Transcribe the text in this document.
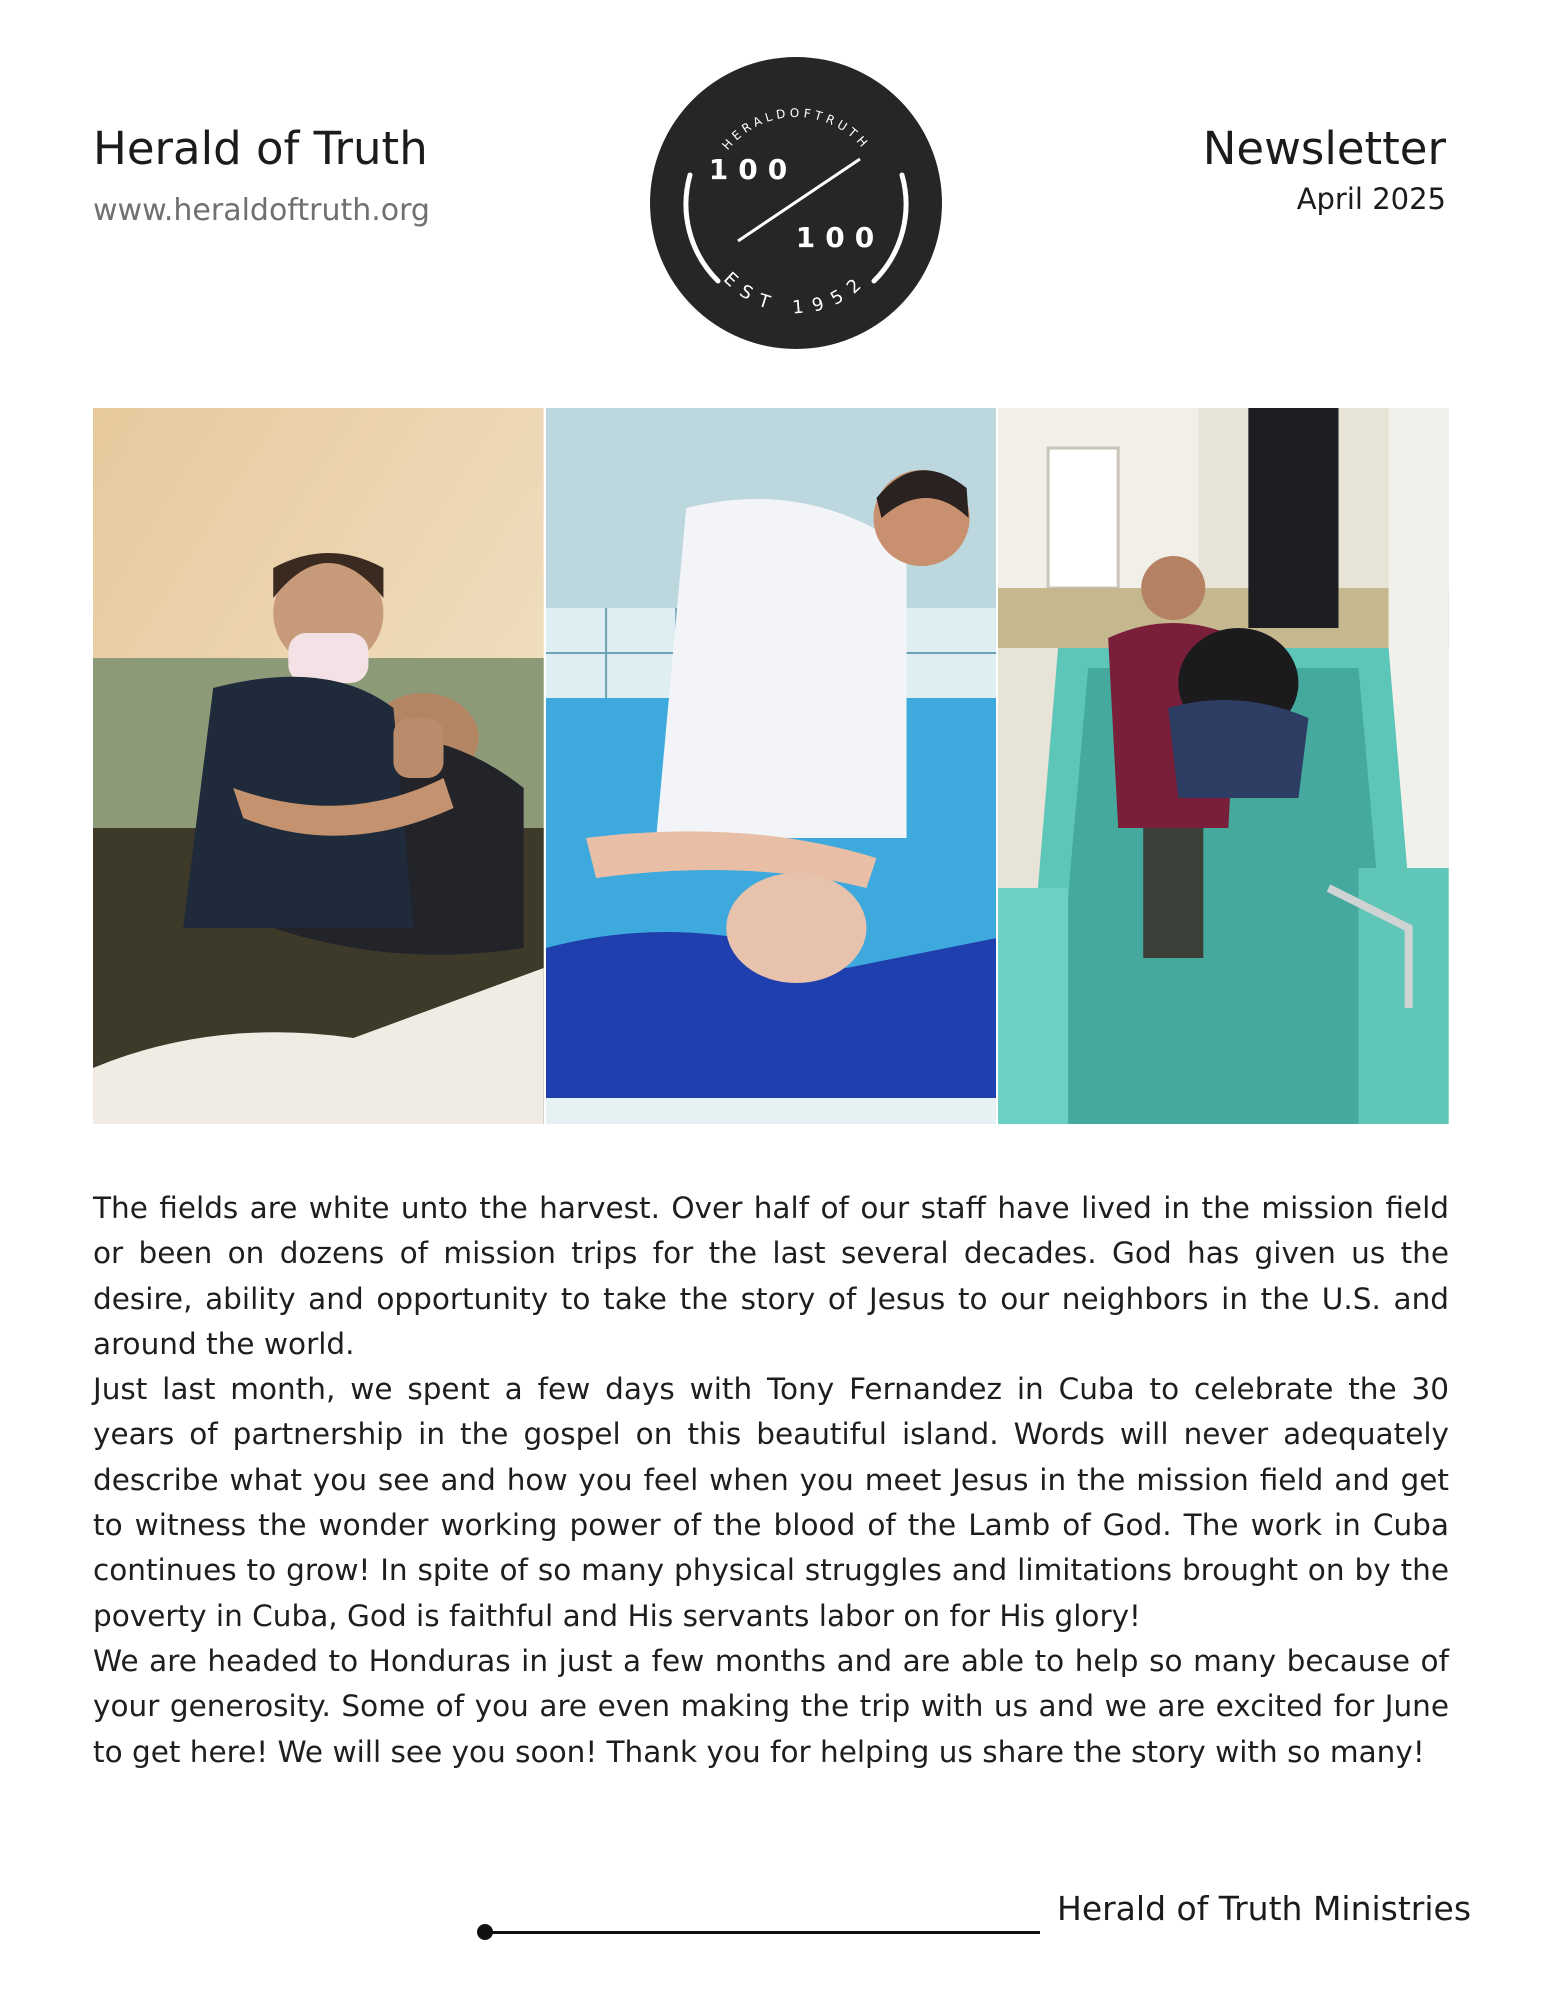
Herald of Truth
www.heraldoftruth.org
Newsletter
April 2025
HERALDOFTRUTH
100
100
EST 1952

The fields are white unto the harvest. Over half of our staff have lived in the mission field or been on dozens of mission trips for the last several decades. God has given us the desire, ability and opportunity to take the story of Jesus to our neighbors in the U.S. and around the world.

Just last month, we spent a few days with Tony Fernandez in Cuba to celebrate the 30 years of partnership in the gospel on this beautiful island. Words will never adequately describe what you see and how you feel when you meet Jesus in the mission field and get to witness the wonder working power of the blood of the Lamb of God. The work in Cuba continues to grow! In spite of so many physical struggles and limitations brought on by the poverty in Cuba, God is faithful and His servants labor on for His glory!

We are headed to Honduras in just a few months and are able to help so many because of your generosity. Some of you are even making the trip with us and we are excited for June to get here! We will see you soon! Thank you for helping us share the story with so many!

Herald of Truth Ministries
